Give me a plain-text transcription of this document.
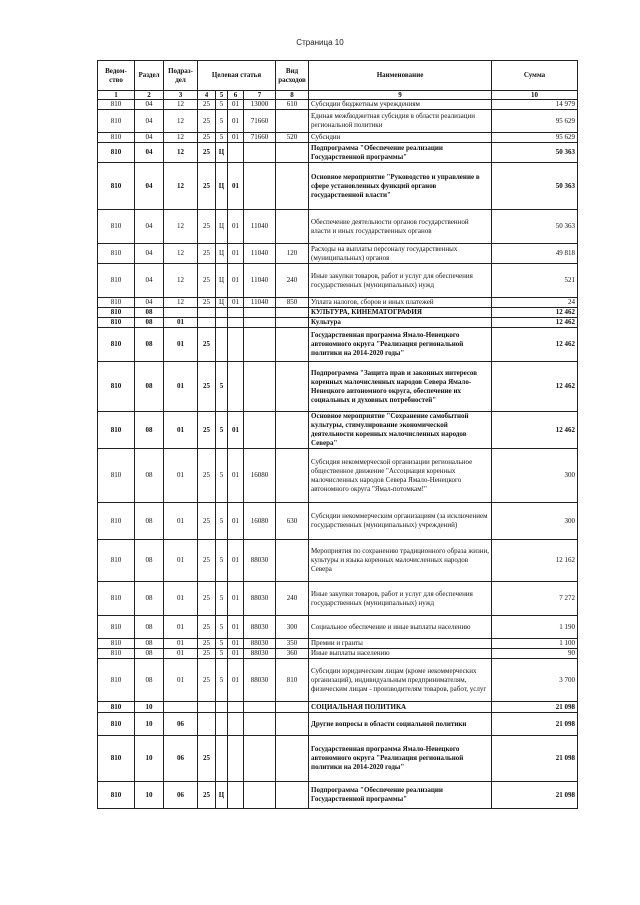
Страница 10
Ведом-ство	Раздел	Подраз-дел	Целевая статья				Вид расходов	Наименование	Сумма
1	2	3	4	5	6	7	8	9	10
810	04	12	25	5	01	13000	610	Субсидии бюджетным учреждениям	14 979
810	04	12	25	5	01	71660		Единая межбюджетная субсидия в области реализации региональной политики	95 629
810	04	12	25	5	01	71660	520	Субсидии	95 629
810	04	12	25	Ц				Подпрограмма "Обеспечение реализации Государственной программы"	50 363
810	04	12	25	Ц	01			Основное мероприятие "Руководство и управление в сфере установленных функций органов государственной власти"	50 363
810	04	12	25	Ц	01	11040		Обеспечение деятельности органов государственной власти и иных государственных органов	50 363
810	04	12	25	Ц	01	11040	120	Расходы на выплаты персоналу государственных (муниципальных) органов	49 818
810	04	12	25	Ц	01	11040	240	Иные закупки товаров, работ и услуг для обеспечения государственных (муниципальных) нужд	521
810	04	12	25	Ц	01	11040	850	Уплата налогов, сборов и иных платежей	24
810	08							КУЛЬТУРА, КИНЕМАТОГРАФИЯ	12 462
810	08	01						Культура	12 462
810	08	01	25					Государственная программа Ямало-Ненецкого автономного округа "Реализация региональной политики на 2014-2020 годы"	12 462
810	08	01	25	5				Подпрограмма "Защита прав и законных интересов коренных малочисленных народов Севера Ямало-Ненецкого автономного округа, обеспечение их социальных и духовных потребностей"	12 462
810	08	01	25	5	01			Основное мероприятие "Сохранение самобытной культуры, стимулирование экономической деятельности коренных малочисленных народов Севера"	12 462
810	08	01	25	5	01	16080		Субсидия некоммерческой организации региональное общественное движение "Ассоциация коренных малочисленных народов Севера Ямало-Ненецкого автономного округа "Ямал-потомкам!"	300
810	08	01	25	5	01	16080	630	Субсидии некоммерческим организациям (за исключением государственных (муниципальных) учреждений)	300
810	08	01	25	5	01	88030		Мероприятия по сохранению традиционного образа жизни, культуры и языка коренных малочисленных народов Севера	12 162
810	08	01	25	5	01	88030	240	Иные закупки товаров, работ и услуг для обеспечения государственных (муниципальных) нужд	7 272
810	08	01	25	5	01	88030	300	Социальное обеспечение и иные выплаты населению	1 190
810	08	01	25	5	01	88030	350	Премии и гранты	1 100
810	08	01	25	5	01	88030	360	Иные выплаты населению	90
810	08	01	25	5	01	88030	810	Субсидии юридическим лицам (кроме некоммерческих организаций), индивидуальным предпринимателям, физическим лицам - производителям товаров, работ, услуг	3 700
810	10							СОЦИАЛЬНАЯ ПОЛИТИКА	21 098
810	10	06						Другие вопросы в области социальной политики	21 098
810	10	06	25					Государственная программа Ямало-Ненецкого автономного округа "Реализация региональной политики на 2014-2020 годы"	21 098
810	10	06	25	Ц				Подпрограмма "Обеспечение реализации Государственной программы"	21 098
